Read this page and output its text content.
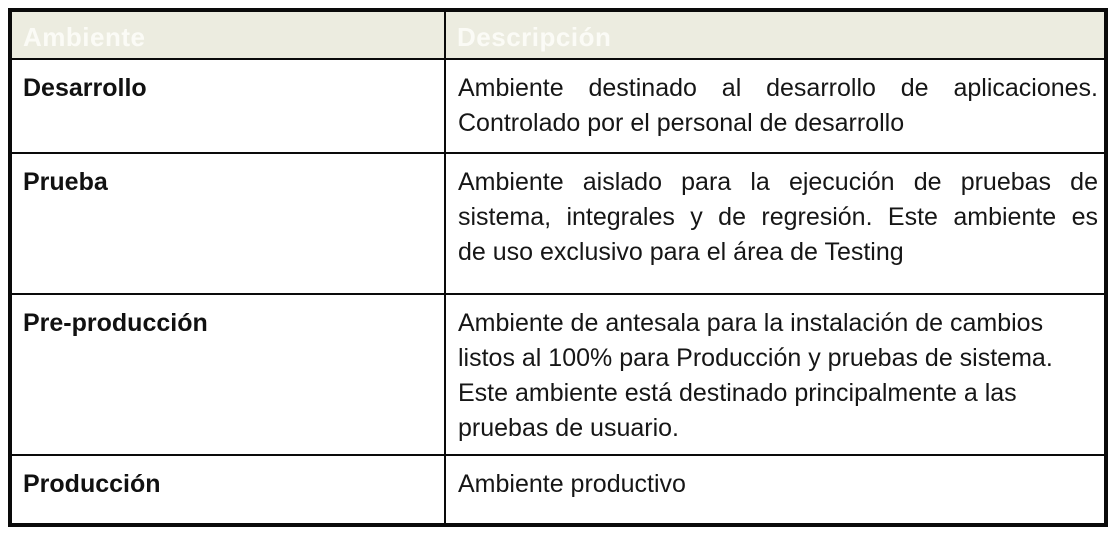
Ambiente	Descripción
Desarrollo	Ambiente destinado al desarrollo de aplicaciones.
Controlado por el personal de desarrollo

Prueba	Ambiente aislado para la ejecución de pruebas de
sistema, integrales y de regresión. Este ambiente es
de uso exclusivo para el área de Testing

Pre-producción	Ambiente de antesala para la instalación de cambios
listos al 100% para Producción y pruebas de sistema.
Este ambiente está destinado principalmente a las
pruebas de usuario.

Producción	Ambiente productivo
